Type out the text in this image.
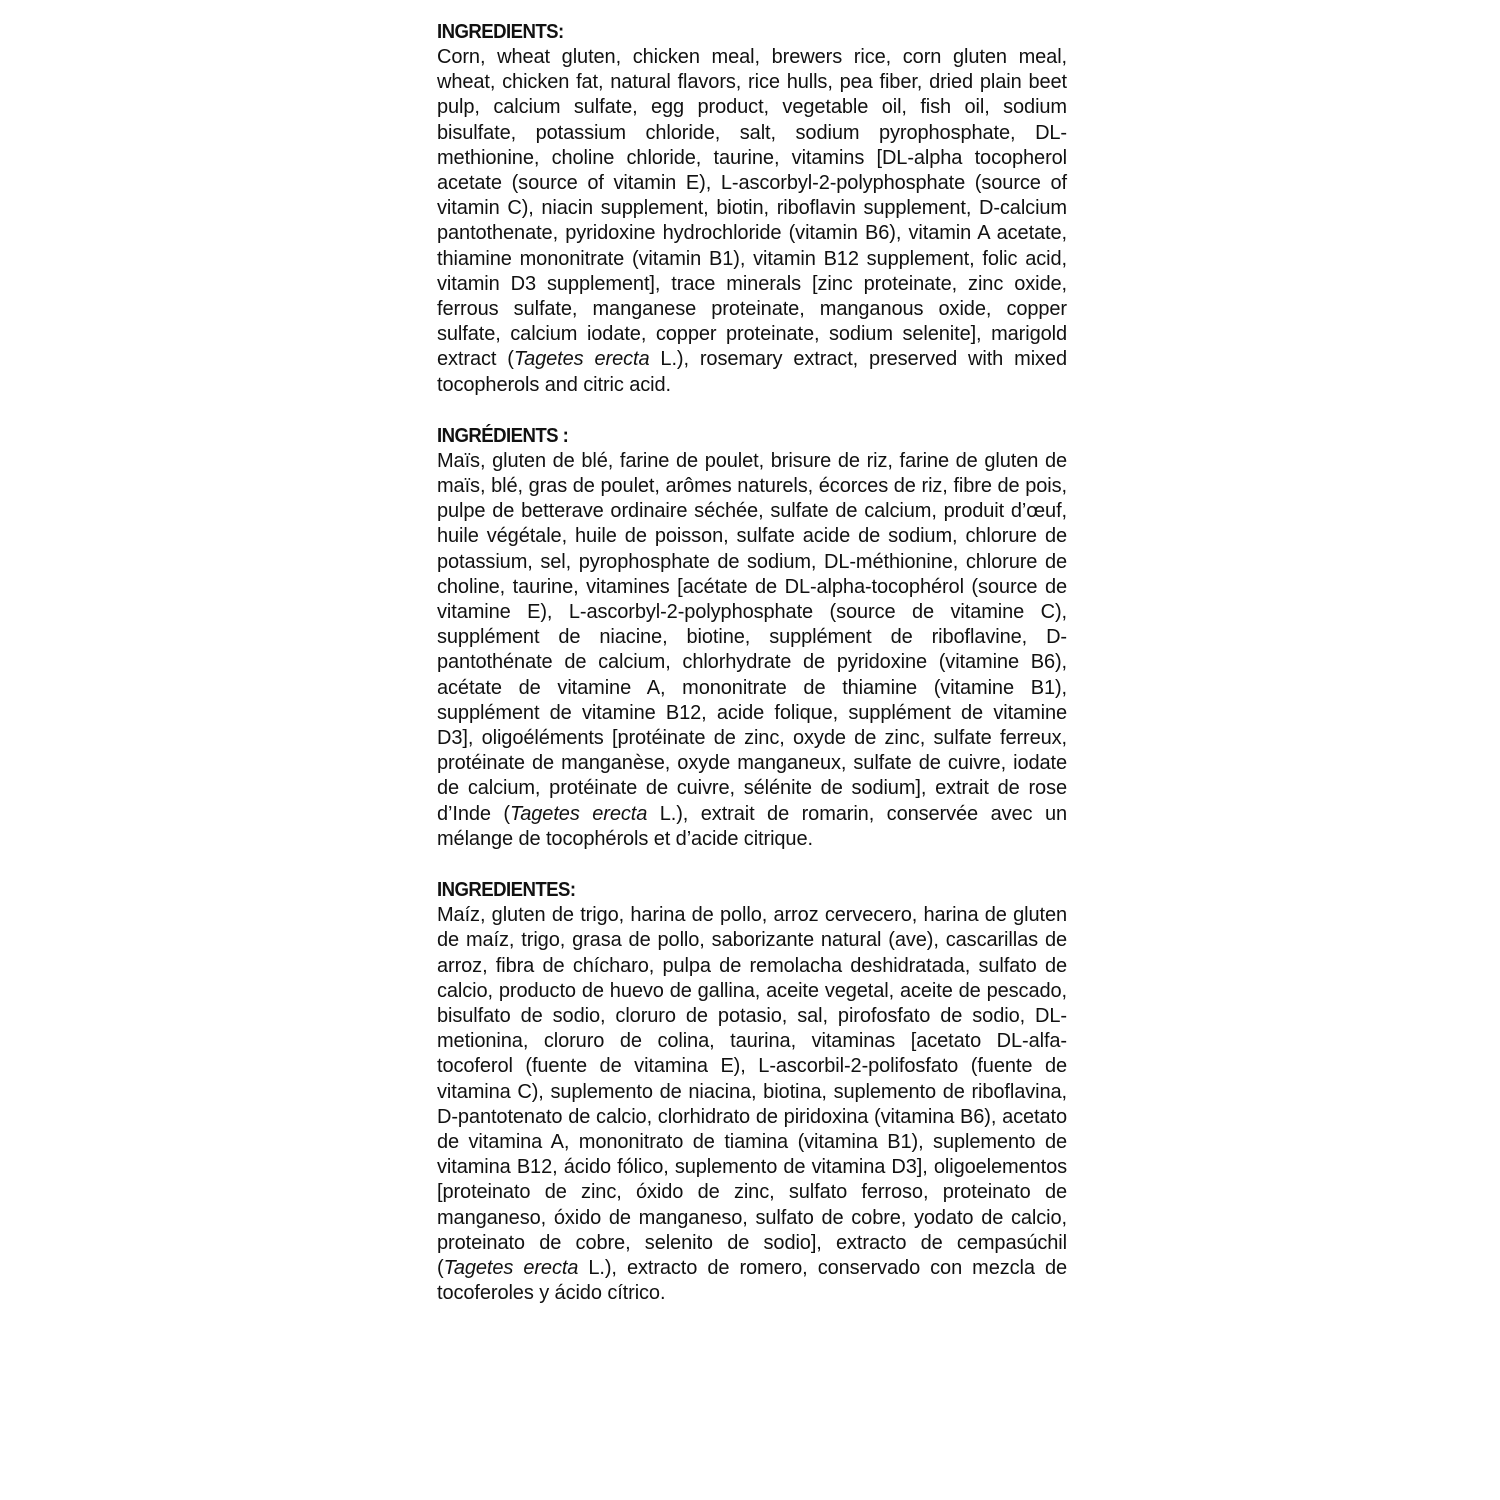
INGREDIENTS:

Corn, wheat gluten, chicken meal, brewers rice, corn gluten meal, wheat, chicken fat, natural flavors, rice hulls, pea fiber, dried plain beet pulp, calcium sulfate, egg product, vegetable oil, fish oil, sodium bisulfate, potassium chloride, salt, sodium pyrophosphate, DL-methionine, choline chloride, taurine, vitamins [DL-alpha tocopherol acetate (source of vitamin E), L-ascorbyl-2-polyphosphate (source of vitamin C), niacin supplement, biotin, riboflavin supplement, D-calcium pantothenate, pyridoxine hydrochloride (vitamin B6), vitamin A acetate, thiamine mononitrate (vitamin B1), vitamin B12 supplement, folic acid, vitamin D3 supplement], trace minerals [zinc proteinate, zinc oxide, ferrous sulfate, manganese proteinate, manganous oxide, copper sulfate, calcium iodate, copper proteinate, sodium selenite], marigold extract (Tagetes erecta L.), rosemary extract, preserved with mixed tocopherols and citric acid.

INGRÉDIENTS :

Maïs, gluten de blé, farine de poulet, brisure de riz, farine de gluten de maïs, blé, gras de poulet, arômes naturels, écorces de riz, fibre de pois, pulpe de betterave ordinaire séchée, sulfate de calcium, produit d’œuf, huile végétale, huile de poisson, sulfate acide de sodium, chlorure de potassium, sel, pyrophosphate de sodium, DL-méthionine, chlorure de choline, taurine, vitamines [acétate de DL-alpha-tocophérol (source de vitamine E), L-ascorbyl-2-polyphosphate (source de vitamine C), supplément de niacine, biotine, supplément de riboflavine, D-pantothénate de calcium, chlorhydrate de pyridoxine (vitamine B6), acétate de vitamine A, mononitrate de thiamine (vitamine B1), supplément de vitamine B12, acide folique, supplément de vitamine D3], oligoéléments [protéinate de zinc, oxyde de zinc, sulfate ferreux, protéinate de manganèse, oxyde manganeux, sulfate de cuivre, iodate de calcium, protéinate de cuivre, sélénite de sodium], extrait de rose d’Inde (Tagetes erecta L.), extrait de romarin, conservée avec un mélange de tocophérols et d’acide citrique.

INGREDIENTES:

Maíz, gluten de trigo, harina de pollo, arroz cervecero, harina de gluten de maíz, trigo, grasa de pollo, saborizante natural (ave), cascarillas de arroz, fibra de chícharo, pulpa de remolacha deshidratada, sulfato de calcio, producto de huevo de gallina, aceite vegetal, aceite de pescado, bisulfato de sodio, cloruro de potasio, sal, pirofosfato de sodio, DL-metionina, cloruro de colina, taurina, vitaminas [acetato DL-alfa-tocoferol (fuente de vitamina E), L-ascorbil-2-polifosfato (fuente de vitamina C), suplemento de niacina, biotina, suplemento de riboflavina, D-pantotenato de calcio, clorhidrato de piridoxina (vitamina B6), acetato de vitamina A, mononitrato de tiamina (vitamina B1), suplemento de vitamina B12, ácido fólico, suplemento de vitamina D3], oligoelementos [proteinato de zinc, óxido de zinc, sulfato ferroso, proteinato de manganeso, óxido de manganeso, sulfato de cobre, yodato de calcio, proteinato de cobre, selenito de sodio], extracto de cempasúchil (Tagetes erecta L.), extracto de romero, conservado con mezcla de tocoferoles y ácido cítrico.
